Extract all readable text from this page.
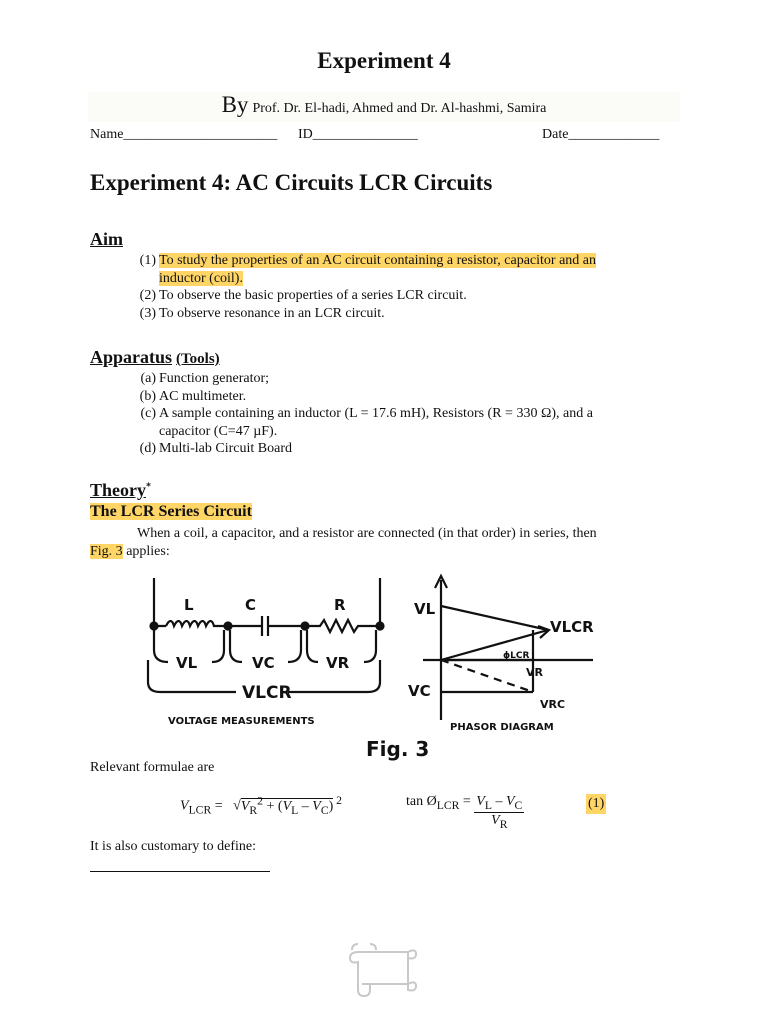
Experiment 4
By Prof. Dr. El-hadi, Ahmed and Dr. Al-hashmi, Samira
Name______________________ ID_______________	Date_____________
Experiment 4: AC Circuits LCR Circuits
Aim
(1) To study the properties of an AC circuit containing a resistor, capacitor and an inductor (coil).
(2) To observe the basic properties of a series LCR circuit.
(3) To observe resonance in an LCR circuit.
Apparatus (Tools)
(a) Function generator;
(b) AC multimeter.
(c) A sample containing an inductor (L = 17.6 mH), Resistors (R = 330 Ω), and a capacitor (C=47 µF).
(d) Multi-lab Circuit Board
Theory*
The LCR Series Circuit
When a coil, a capacitor, and a resistor are connected (in that order) in series, then
Fig. 3 applies:
L	C	R
VL	VC	VR
VLCR
VOLTAGE MEASUREMENTS
VL
VC
VLCR
ϕLCR
VR
VRC
PHASOR DIAGRAM
Fig. 3
Relevant formulae are
$V_{LCR} = √V_R^2 + (V_L - V_C)$ $^2$	$\tan Ø_{LCR} = \frac{V_L - V_C}{V_R}$	(1)
It is also customary to define:
